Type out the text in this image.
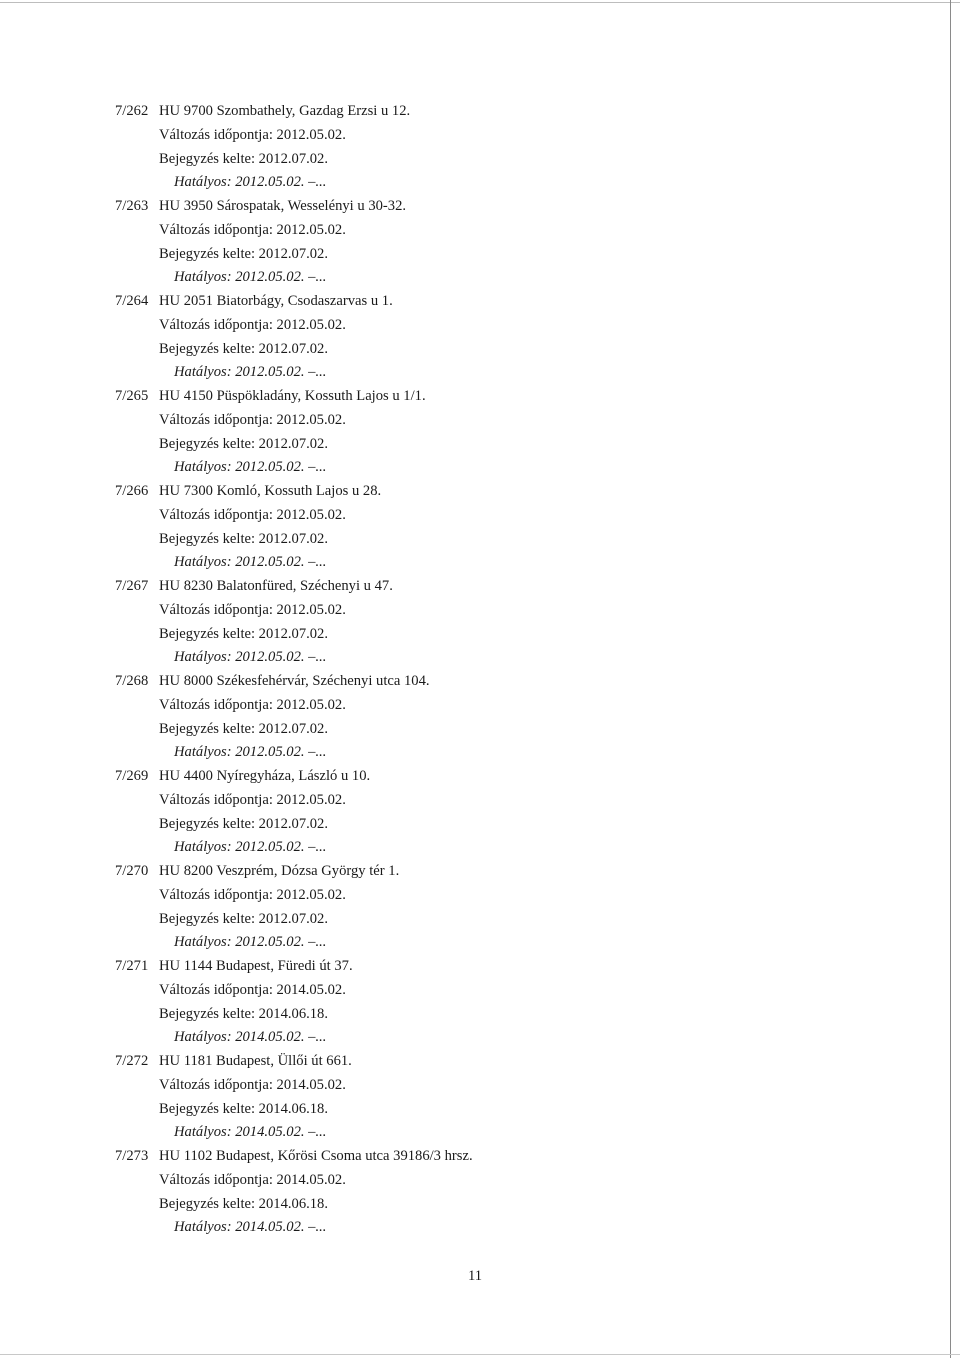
7/262 HU 9700 Szombathely, Gazdag Erzsi u 12.
Változás időpontja: 2012.05.02.
Bejegyzés kelte: 2012.07.02.
Hatályos: 2012.05.02. –...
7/263 HU 3950 Sárospatak, Wesselényi u 30-32.
Változás időpontja: 2012.05.02.
Bejegyzés kelte: 2012.07.02.
Hatályos: 2012.05.02. –...
7/264 HU 2051 Biatorbágy, Csodaszarvas u 1.
Változás időpontja: 2012.05.02.
Bejegyzés kelte: 2012.07.02.
Hatályos: 2012.05.02. –...
7/265 HU 4150 Püspökladány, Kossuth Lajos u 1/1.
Változás időpontja: 2012.05.02.
Bejegyzés kelte: 2012.07.02.
Hatályos: 2012.05.02. –...
7/266 HU 7300 Komló, Kossuth Lajos u 28.
Változás időpontja: 2012.05.02.
Bejegyzés kelte: 2012.07.02.
Hatályos: 2012.05.02. –...
7/267 HU 8230 Balatonfüred, Széchenyi u 47.
Változás időpontja: 2012.05.02.
Bejegyzés kelte: 2012.07.02.
Hatályos: 2012.05.02. –...
7/268 HU 8000 Székesfehérvár, Széchenyi utca 104.
Változás időpontja: 2012.05.02.
Bejegyzés kelte: 2012.07.02.
Hatályos: 2012.05.02. –...
7/269 HU 4400 Nyíregyháza, László u 10.
Változás időpontja: 2012.05.02.
Bejegyzés kelte: 2012.07.02.
Hatályos: 2012.05.02. –...
7/270 HU 8200 Veszprém, Dózsa György tér 1.
Változás időpontja: 2012.05.02.
Bejegyzés kelte: 2012.07.02.
Hatályos: 2012.05.02. –...
7/271 HU 1144 Budapest, Füredi út 37.
Változás időpontja: 2014.05.02.
Bejegyzés kelte: 2014.06.18.
Hatályos: 2014.05.02. –...
7/272 HU 1181 Budapest, Üllői út 661.
Változás időpontja: 2014.05.02.
Bejegyzés kelte: 2014.06.18.
Hatályos: 2014.05.02. –...
7/273 HU 1102 Budapest, Kőrösi Csoma utca 39186/3 hrsz.
Változás időpontja: 2014.05.02.
Bejegyzés kelte: 2014.06.18.
Hatályos: 2014.05.02. –...
11
